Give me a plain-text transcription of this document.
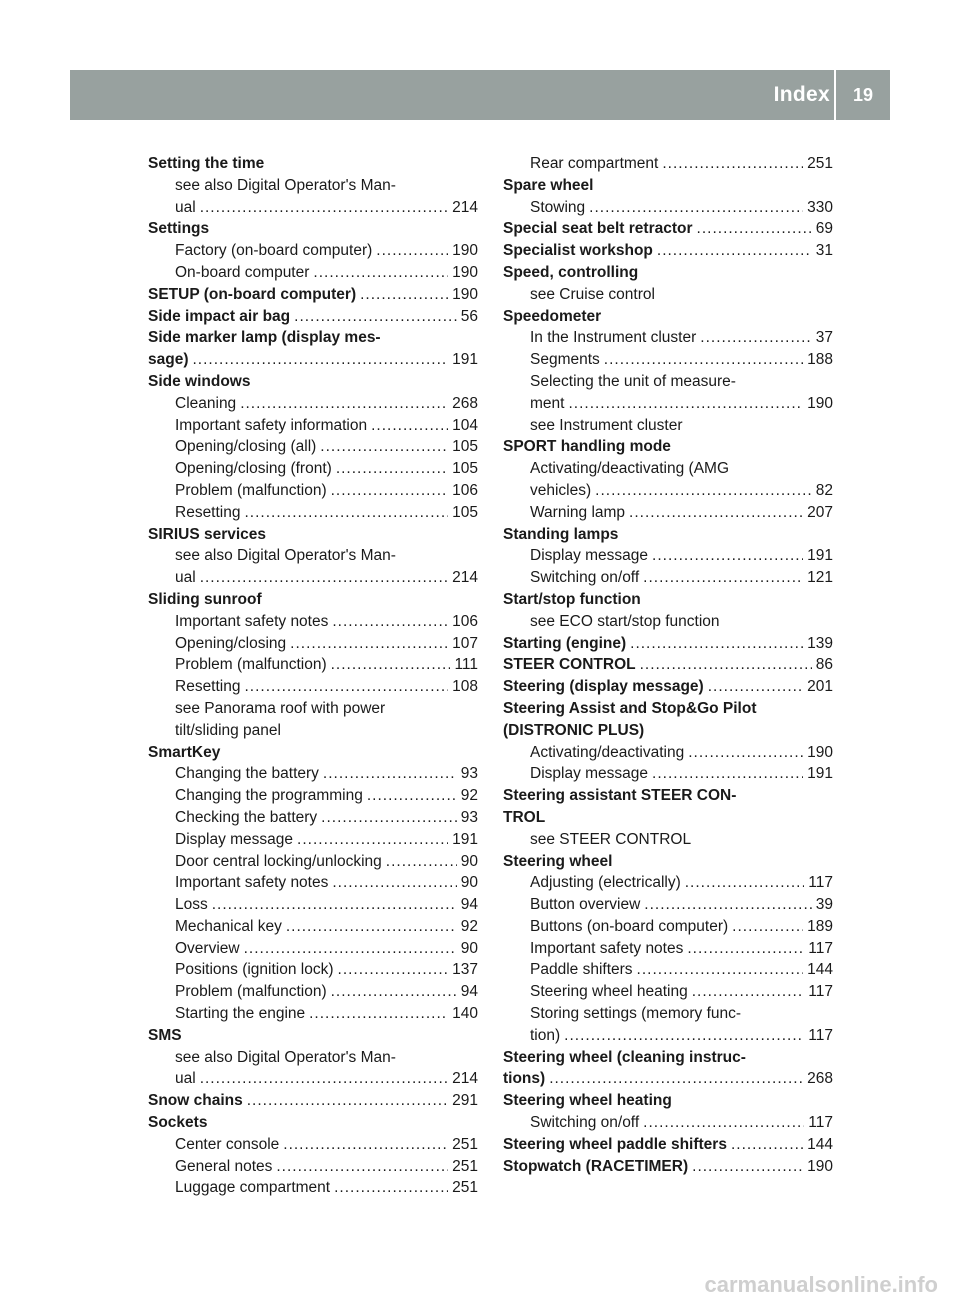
Index	19
Setting the time
see also Digital Operator's Man-
ual .....	214
Settings
Factory (on-board computer) .....	190
On-board computer .....	190
SETUP (on-board computer) .....	190
Side impact air bag .....	56
Side marker lamp (display mes-
sage) .....	191
Side windows
Cleaning .....	268
Important safety information .....	104
Opening/closing (all) .....	105
Opening/closing (front) .....	105
Problem (malfunction) .....	106
Resetting .....	105
SIRIUS services
see also Digital Operator's Man-
ual .....	214
Sliding sunroof
Important safety notes .....	106
Opening/closing .....	107
Problem (malfunction) .....	111
Resetting .....	108
see Panorama roof with power
tilt/sliding panel
SmartKey
Changing the battery .....	93
Changing the programming .....	92
Checking the battery .....	93
Display message .....	191
Door central locking/unlocking .....	90
Important safety notes .....	90
Loss .....	94
Mechanical key .....	92
Overview .....	90
Positions (ignition lock) .....	137
Problem (malfunction) .....	94
Starting the engine .....	140
SMS
see also Digital Operator's Man-
ual .....	214
Snow chains .....	291
Sockets
Center console .....	251
General notes .....	251
Luggage compartment .....	251
Rear compartment .....	251
Spare wheel
Stowing .....	330
Special seat belt retractor .....	69
Specialist workshop .....	31
Speed, controlling
see Cruise control
Speedometer
In the Instrument cluster .....	37
Segments .....	188
Selecting the unit of measure-
ment .....	190
see Instrument cluster
SPORT handling mode
Activating/deactivating (AMG
vehicles) .....	82
Warning lamp .....	207
Standing lamps
Display message .....	191
Switching on/off .....	121
Start/stop function
see ECO start/stop function
Starting (engine) .....	139
STEER CONTROL .....	86
Steering (display message) .....	201
Steering Assist and Stop&Go Pilot
(DISTRONIC PLUS)
Activating/deactivating .....	190
Display message .....	191
Steering assistant STEER CON-
TROL
see STEER CONTROL
Steering wheel
Adjusting (electrically) .....	117
Button overview .....	39
Buttons (on-board computer) .....	189
Important safety notes .....	117
Paddle shifters .....	144
Steering wheel heating .....	117
Storing settings (memory func-
tion) .....	117
Steering wheel (cleaning instruc-
tions) .....	268
Steering wheel heating
Switching on/off .....	117
Steering wheel paddle shifters .....	144
Stopwatch (RACETIMER) .....	190
carmanualsonline.info
